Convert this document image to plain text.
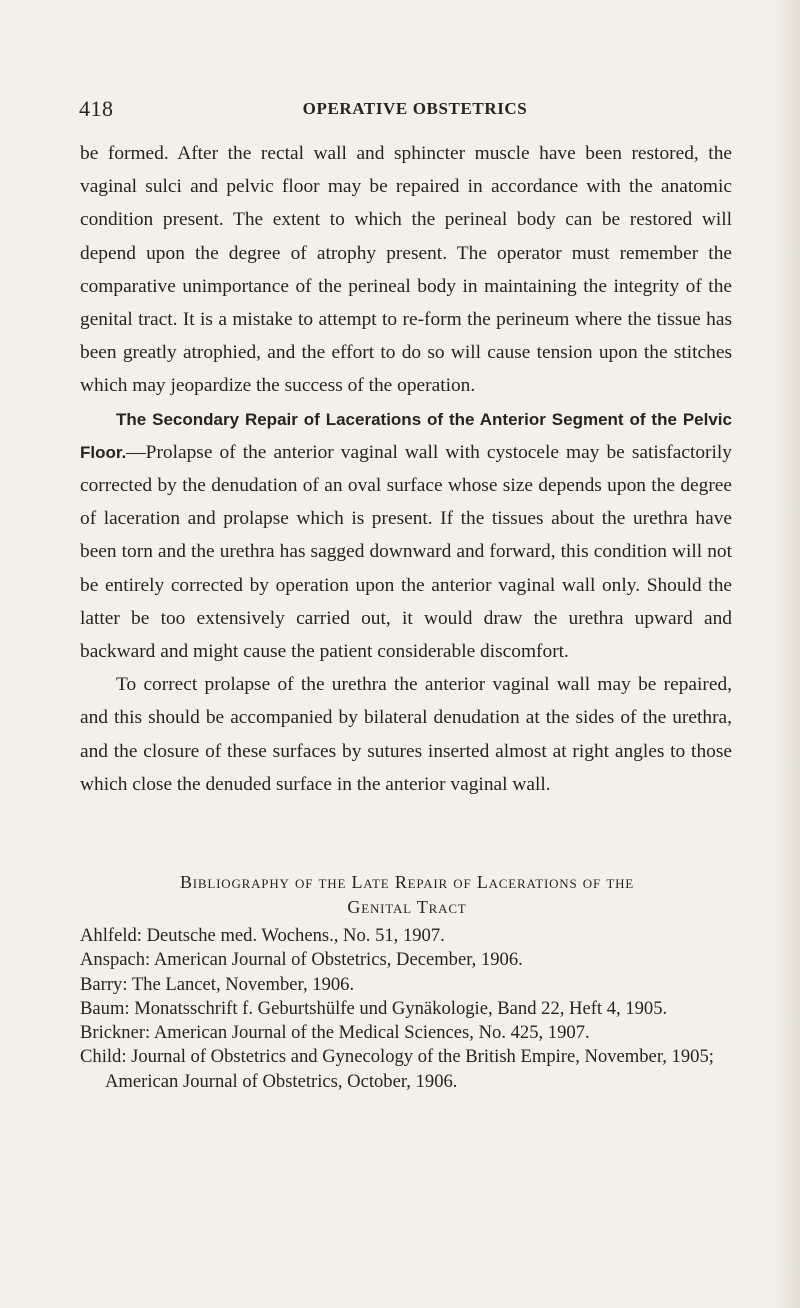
418	OPERATIVE OBSTETRICS

be formed. After the rectal wall and sphincter muscle have been restored, the vaginal sulci and pelvic floor may be repaired in accordance with the anatomic condition present. The extent to which the perineal body can be restored will depend upon the degree of atrophy present. The operator must remember the comparative unimportance of the perineal body in maintaining the integrity of the genital tract. It is a mistake to attempt to re-form the perineum where the tissue has been greatly atrophied, and the effort to do so will cause tension upon the stitches which may jeopardize the success of the operation.

The Secondary Repair of Lacerations of the Anterior Segment of the Pelvic Floor.—Prolapse of the anterior vaginal wall with cystocele may be satisfactorily corrected by the denudation of an oval surface whose size depends upon the degree of laceration and prolapse which is present. If the tissues about the urethra have been torn and the urethra has sagged downward and forward, this condition will not be entirely corrected by operation upon the anterior vaginal wall only. Should the latter be too extensively carried out, it would draw the urethra upward and backward and might cause the patient considerable discomfort.

To correct prolapse of the urethra the anterior vaginal wall may be repaired, and this should be accompanied by bilateral denudation at the sides of the urethra, and the closure of these surfaces by sutures inserted almost at right angles to those which close the denuded surface in the anterior vaginal wall.

Bibliography of the Late Repair of Lacerations of the
Genital Tract
Ahlfeld: Deutsche med. Wochens., No. 51, 1907.
Anspach: American Journal of Obstetrics, December, 1906.
Barry: The Lancet, November, 1906.
Baum: Monatsschrift f. Geburtshülfe und Gynäkologie, Band 22, Heft 4, 1905.
Brickner: American Journal of the Medical Sciences, No. 425, 1907.
Child: Journal of Obstetrics and Gynecology of the British Empire, November, 1905; American Journal of Obstetrics, October, 1906.
